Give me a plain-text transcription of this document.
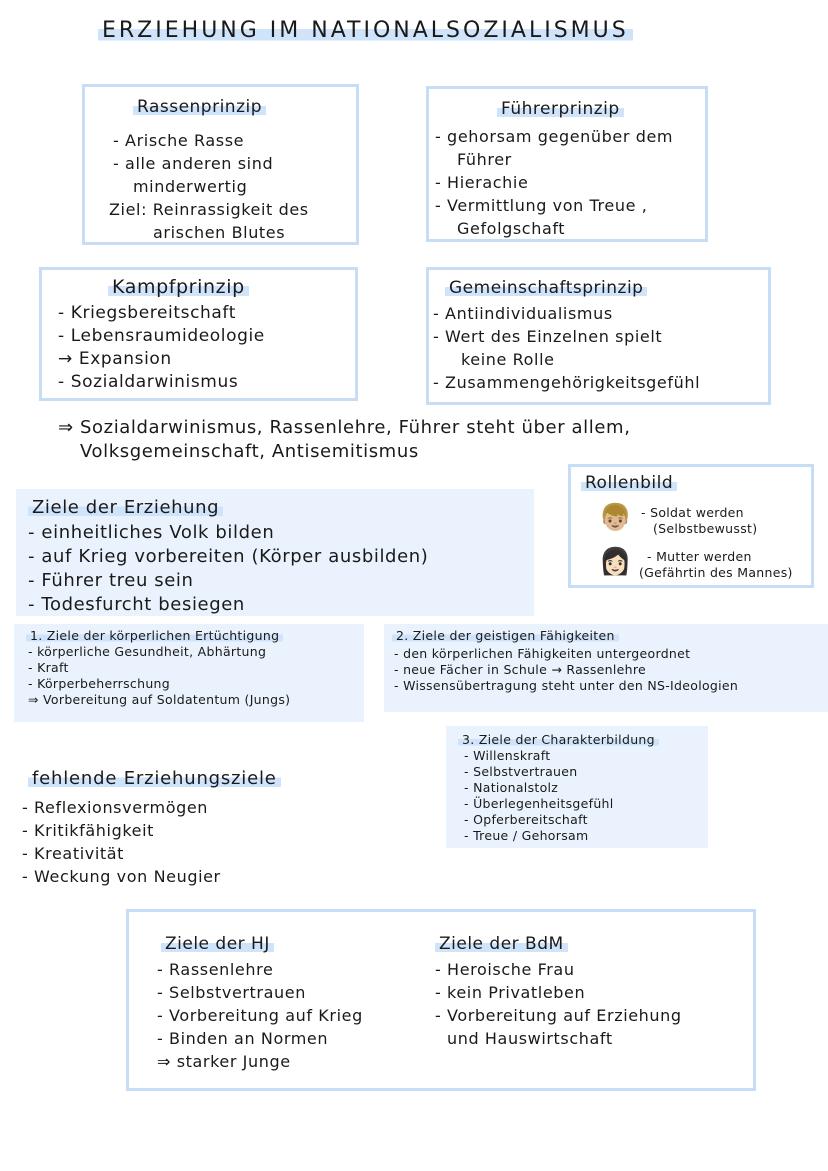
ERZIEHUNG IM NATIONALSOZIALISMUS
Rassenprinzip
- Arische Rasse
- alle anderen sind
minderwertig
Ziel: Reinrassigkeit des
arischen Blutes
Führerprinzip
- gehorsam gegenüber dem
Führer
- Hierachie
- Vermittlung von Treue ,
Gefolgschaft
Kampfprinzip
- Kriegsbereitschaft
- Lebensraumideologie
→ Expansion
- Sozialdarwinismus
Gemeinschaftsprinzip
- Antiindividualismus
- Wert des Einzelnen spielt
keine Rolle
- Zusammengehörigkeitsgefühl
⇒ Sozialdarwinismus, Rassenlehre, Führer steht über allem,
Volksgemeinschaft, Antisemitismus
Ziele der Erziehung
- einheitliches Volk bilden
- auf Krieg vorbereiten (Körper ausbilden)
- Führer treu sein
- Todesfurcht besiegen
Rollenbild
👦🏼 - Soldat werden
(Selbstbewusst)
👩🏻	- Mutter werden
(Gefährtin des Mannes)
1. Ziele der körperlichen Ertüchtigung
- körperliche Gesundheit, Abhärtung
- Kraft
- Körperbeherrschung
⇒ Vorbereitung auf Soldatentum (Jungs)
2. Ziele der geistigen Fähigkeiten
- den körperlichen Fähigkeiten untergeordnet
- neue Fächer in Schule → Rassenlehre
- Wissensübertragung steht unter den NS-Ideologien
3. Ziele der Charakterbildung
- Willenskraft
- Selbstvertrauen
- Nationalstolz
- Überlegenheitsgefühl
- Opferbereitschaft
- Treue / Gehorsam
fehlende Erziehungsziele
- Reflexionsvermögen
- Kritikfähigkeit
- Kreativität
- Weckung von Neugier
Ziele der HJ
- Rassenlehre
- Selbstvertrauen
- Vorbereitung auf Krieg
- Binden an Normen
⇒ starker Junge
Ziele der BdM
- Heroische Frau
- kein Privatleben
- Vorbereitung auf Erziehung
und Hauswirtschaft
